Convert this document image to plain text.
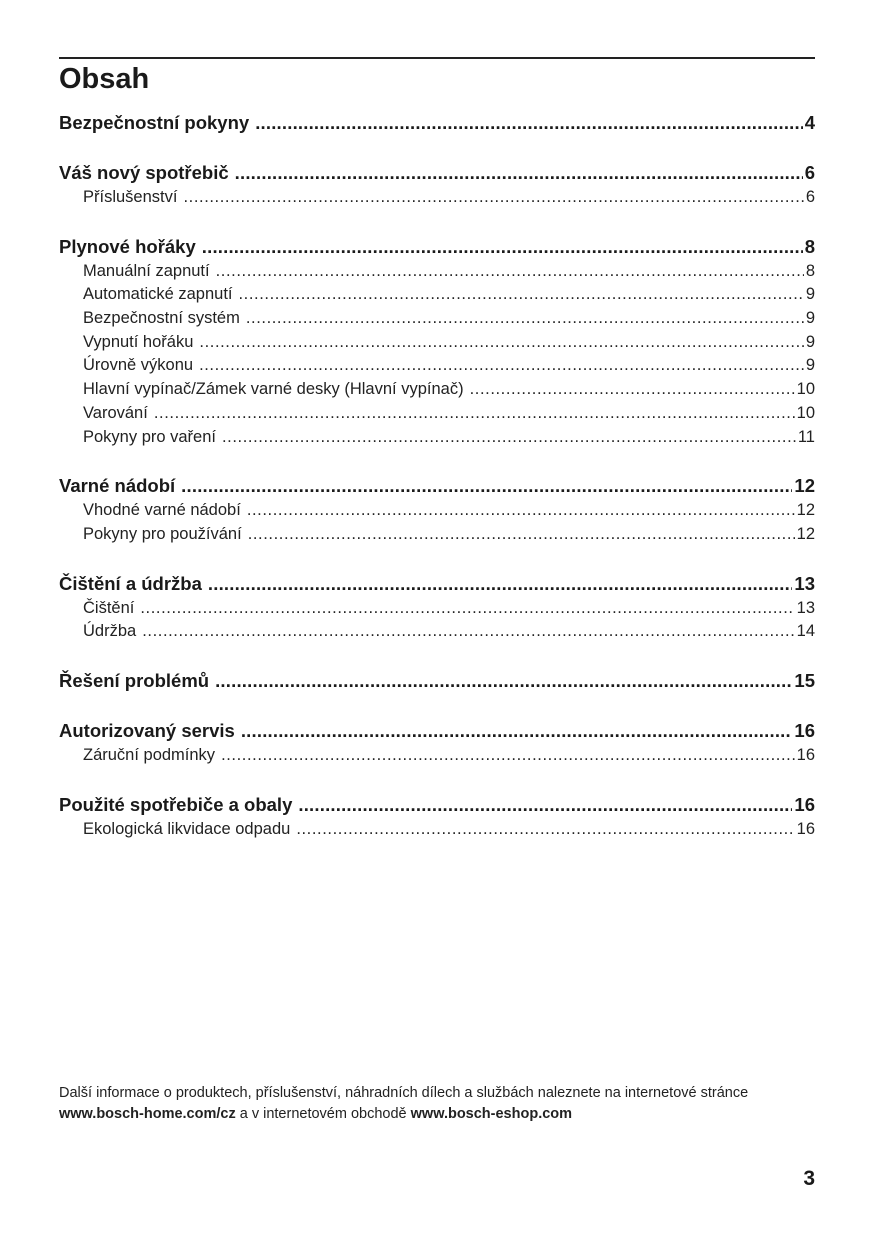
Obsah
Bezpečnostní pokyny .....	4
Váš nový spotřebič .....	6
Příslušenství .....	6
Plynové hořáky .....	8
Manuální zapnutí .....	8
Automatické zapnutí .....	9
Bezpečnostní systém .....	9
Vypnutí hořáku .....	9
Úrovně výkonu .....	9
Hlavní vypínač/Zámek varné desky (Hlavní vypínač) .....	10
Varování .....	10
Pokyny pro vaření .....	11
Varné nádobí .....	12
Vhodné varné nádobí .....	12
Pokyny pro používání .....	12
Čištění a údržba .....	13
Čištění .....	13
Údržba .....	14
Řešení problémů .....	15
Autorizovaný servis .....	16
Záruční podmínky .....	16
Použité spotřebiče a obaly .....	16
Ekologická likvidace odpadu .....	16

Další informace o produktech, příslušenství, náhradních dílech a službách naleznete na internetové stránce www.bosch-home.com/cz a v internetovém obchodě www.bosch-eshop.com

3
